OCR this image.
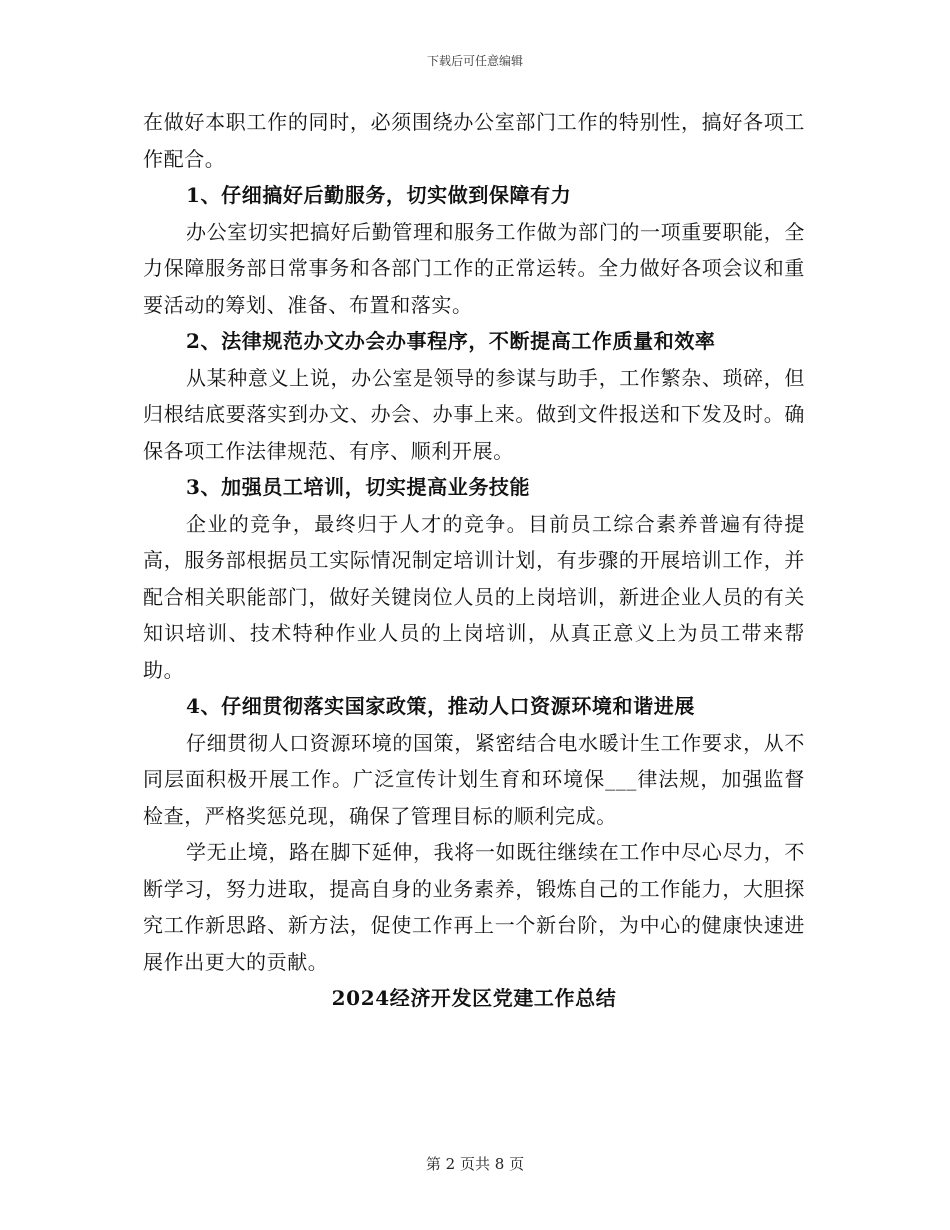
下载后可任意编辑

在做好本职工作的同时，必须围绕办公室部门工作的特别性，搞好各项工作配合。

1、仔细搞好后勤服务，切实做到保障有力

办公室切实把搞好后勤管理和服务工作做为部门的一项重要职能，全力保障服务部日常事务和各部门工作的正常运转。全力做好各项会议和重要活动的筹划、准备、布置和落实。

2、法律规范办文办会办事程序，不断提高工作质量和效率

从某种意义上说，办公室是领导的参谋与助手，工作繁杂、琐碎，但归根结底要落实到办文、办会、办事上来。做到文件报送和下发及时。确保各项工作法律规范、有序、顺利开展。

3、加强员工培训，切实提高业务技能

企业的竞争，最终归于人才的竞争。目前员工综合素养普遍有待提高，服务部根据员工实际情况制定培训计划，有步骤的开展培训工作，并配合相关职能部门，做好关键岗位人员的上岗培训，新进企业人员的有关知识培训、技术特种作业人员的上岗培训，从真正意义上为员工带来帮助。

4、仔细贯彻落实国家政策，推动人口资源环境和谐进展

仔细贯彻人口资源环境的国策，紧密结合电水暖计生工作要求，从不同层面积极开展工作。广泛宣传计划生育和环境保___律法规，加强监督检查，严格奖惩兑现，确保了管理目标的顺利完成。

学无止境，路在脚下延伸，我将一如既往继续在工作中尽心尽力，不断学习，努力进取，提高自身的业务素养，锻炼自己的工作能力，大胆探究工作新思路、新方法，促使工作再上一个新台阶，为中心的健康快速进展作出更大的贡献。

2024经济开发区党建工作总结

第 2 页共 8 页
